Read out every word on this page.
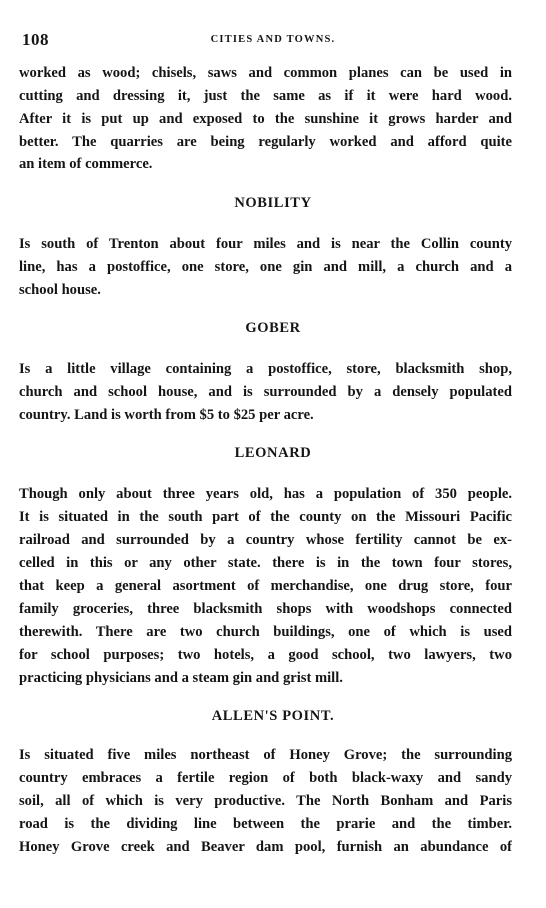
108	CITIES AND TOWNS.
worked as wood; chisels, saws and common planes can be used in
cutting and dressing it, just the same as if it were hard wood.
After it is put up and exposed to the sunshine it grows harder and
better. The quarries are being regularly worked and afford quite
an item of commerce.
NOBILITY
Is south of Trenton about four miles and is near the Collin county
line, has a postoffice, one store, one gin and mill, a church and a
school house.
GOBER
Is a little village containing a postoffice, store, blacksmith shop,
church and school house, and is surrounded by a densely populated
country. Land is worth from $5 to $25 per acre.
LEONARD
Though only about three years old, has a population of 350 people.
It is situated in the south part of the county on the Missouri Pacific
railroad and surrounded by a country whose fertility cannot be ex-
celled in this or any other state. there is in the town four stores,
that keep a general asortment of merchandise, one drug store, four
family groceries, three blacksmith shops with woodshops connected
therewith. There are two church buildings, one of which is used
for school purposes; two hotels, a good school, two lawyers, two
practicing physicians and a steam gin and grist mill.
ALLEN'S POINT.
Is situated five miles northeast of Honey Grove; the surrounding
country embraces a fertile region of both black-waxy and sandy
soil, all of which is very productive. The North Bonham and Paris
road is the dividing line between the prarie and the timber.
Honey Grove creek and Beaver dam pool, furnish an abundance of
